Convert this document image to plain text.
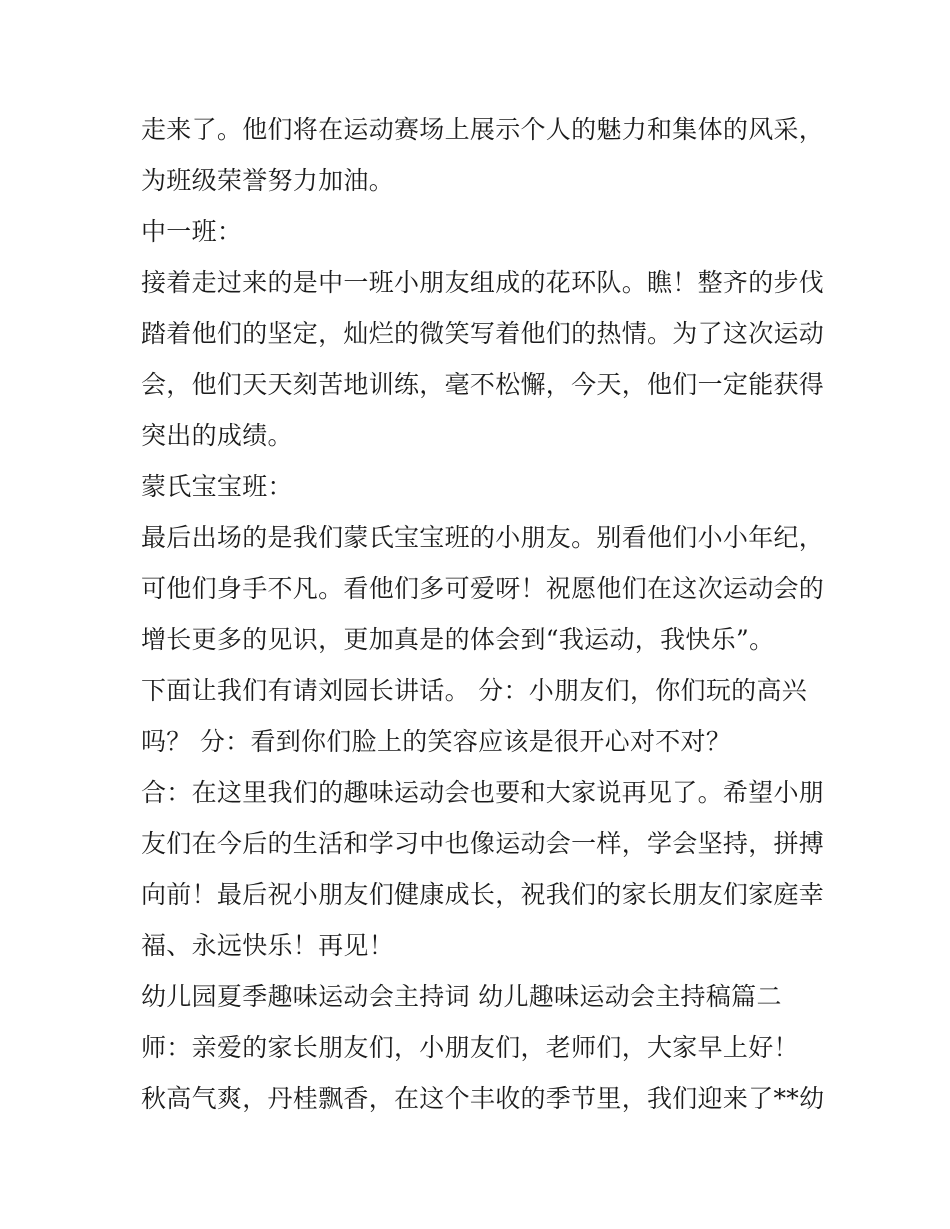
走来了。他们将在运动赛场上展示个人的魅力和集体的风采，
为班级荣誉努力加油。
中一班：
接着走过来的是中一班小朋友组成的花环队。瞧！整齐的步伐
踏着他们的坚定，灿烂的微笑写着他们的热情。为了这次运动
会，他们天天刻苦地训练，毫不松懈，今天，他们一定能获得
突出的成绩。
蒙氏宝宝班：
最后出场的是我们蒙氏宝宝班的小朋友。别看他们小小年纪，
可他们身手不凡。看他们多可爱呀！祝愿他们在这次运动会的
增长更多的见识，更加真是的体会到“我运动，我快乐”。
下面让我们有请刘园长讲话。 分：小朋友们，你们玩的高兴
吗？ 分：看到你们脸上的笑容应该是很开心对不对？
合：在这里我们的趣味运动会也要和大家说再见了。希望小朋
友们在今后的生活和学习中也像运动会一样，学会坚持，拼搏
向前！最后祝小朋友们健康成长，祝我们的家长朋友们家庭幸
福、永远快乐！再见！
幼儿园夏季趣味运动会主持词 幼儿趣味运动会主持稿篇二
师：亲爱的家长朋友们，小朋友们，老师们，大家早上好！
秋高气爽，丹桂飘香，在这个丰收的季节里，我们迎来了**幼
